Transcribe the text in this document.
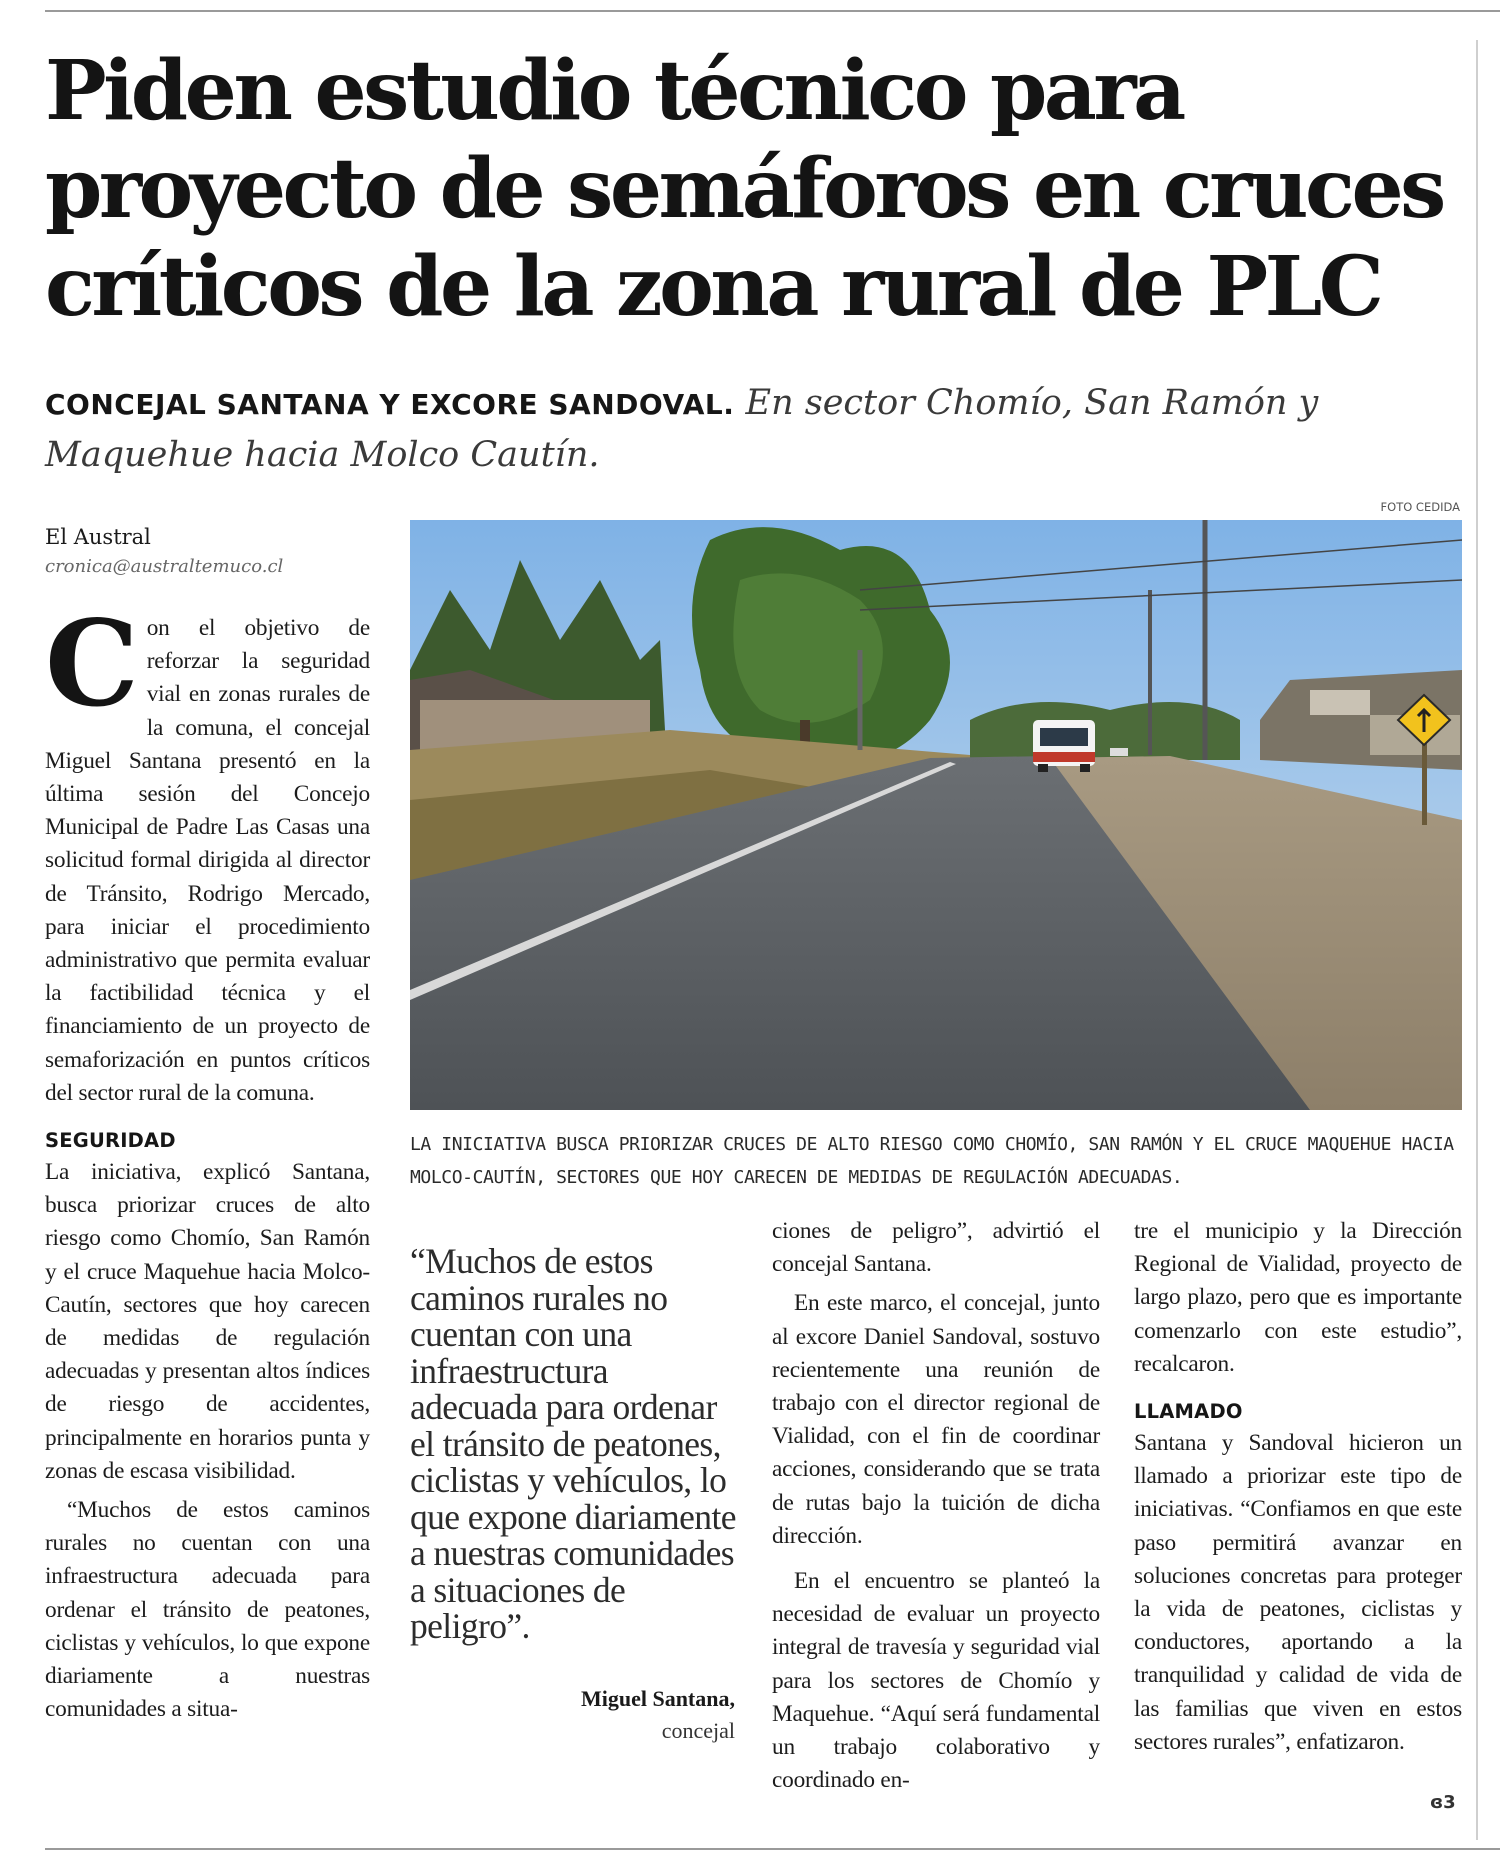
Piden estudio técnico para
proyecto de semáforos en cruces
críticos de la zona rural de PLC
CONCEJAL SANTANA Y EXCORE SANDOVAL. En sector Chomío, San Ramón y Maquehue hacia Molco Cautín.
El Austral
cronica@australtemuco.cl

Con el objetivo de reforzar la seguridad vial en zonas rurales de la comuna, el concejal Miguel Santana presentó en la última sesión del Concejo Municipal de Padre Las Casas una solicitud formal dirigida al director de Tránsito, Rodrigo Mercado, para iniciar el procedimiento administrativo que permita evaluar la factibilidad técnica y el financiamiento de un proyecto de semaforización en puntos críticos del sector rural de la comuna.

SEGURIDAD

La iniciativa, explicó Santana, busca priorizar cruces de alto riesgo como Chomío, San Ramón y el cruce Maquehue hacia Molco-Cautín, sectores que hoy carecen de medidas de regulación adecuadas y presentan altos índices de riesgo de accidentes, principalmente en horarios punta y zonas de escasa visibilidad.

“Muchos de estos caminos rurales no cuentan con una infraestructura adecuada para ordenar el tránsito de peatones, ciclistas y vehículos, lo que expone diariamente a nuestras comunidades a situa-

FOTO CEDIDA
LA INICIATIVA BUSCA PRIORIZAR CRUCES DE ALTO RIESGO COMO CHOMÍO, SAN RAMÓN Y EL CRUCE MAQUEHUE HACIA MOLCO-CAUTÍN, SECTORES QUE HOY CARECEN DE MEDIDAS DE REGULACIÓN ADECUADAS.
“Muchos de estos caminos rurales no cuentan con una infraestructura adecuada para ordenar el tránsito de peatones, ciclistas y vehículos, lo que expone diariamente a nuestras comunidades a situaciones de peligro”.
Miguel Santana,
concejal

ciones de peligro”, advirtió el concejal Santana.

En este marco, el concejal, junto al excore Daniel Sandoval, sostuvo recientemente una reunión de trabajo con el director regional de Vialidad, con el fin de coordinar acciones, considerando que se trata de rutas bajo la tuición de dicha dirección.

En el encuentro se planteó la necesidad de evaluar un proyecto integral de travesía y seguridad vial para los sectores de Chomío y Maquehue. “Aquí será fundamental un trabajo colaborativo y coordinado en-

tre el municipio y la Dirección Regional de Vialidad, proyecto de largo plazo, pero que es importante comenzarlo con este estudio”, recalcaron.

LLAMADO

Santana y Sandoval hicieron un llamado a priorizar este tipo de iniciativas. “Confiamos en que este paso permitirá avanzar en soluciones concretas para proteger la vida de peatones, ciclistas y conductores, aportando a la tranquilidad y calidad de vida de las familias que viven en estos sectores rurales”, enfatizaron.

ɞ3
